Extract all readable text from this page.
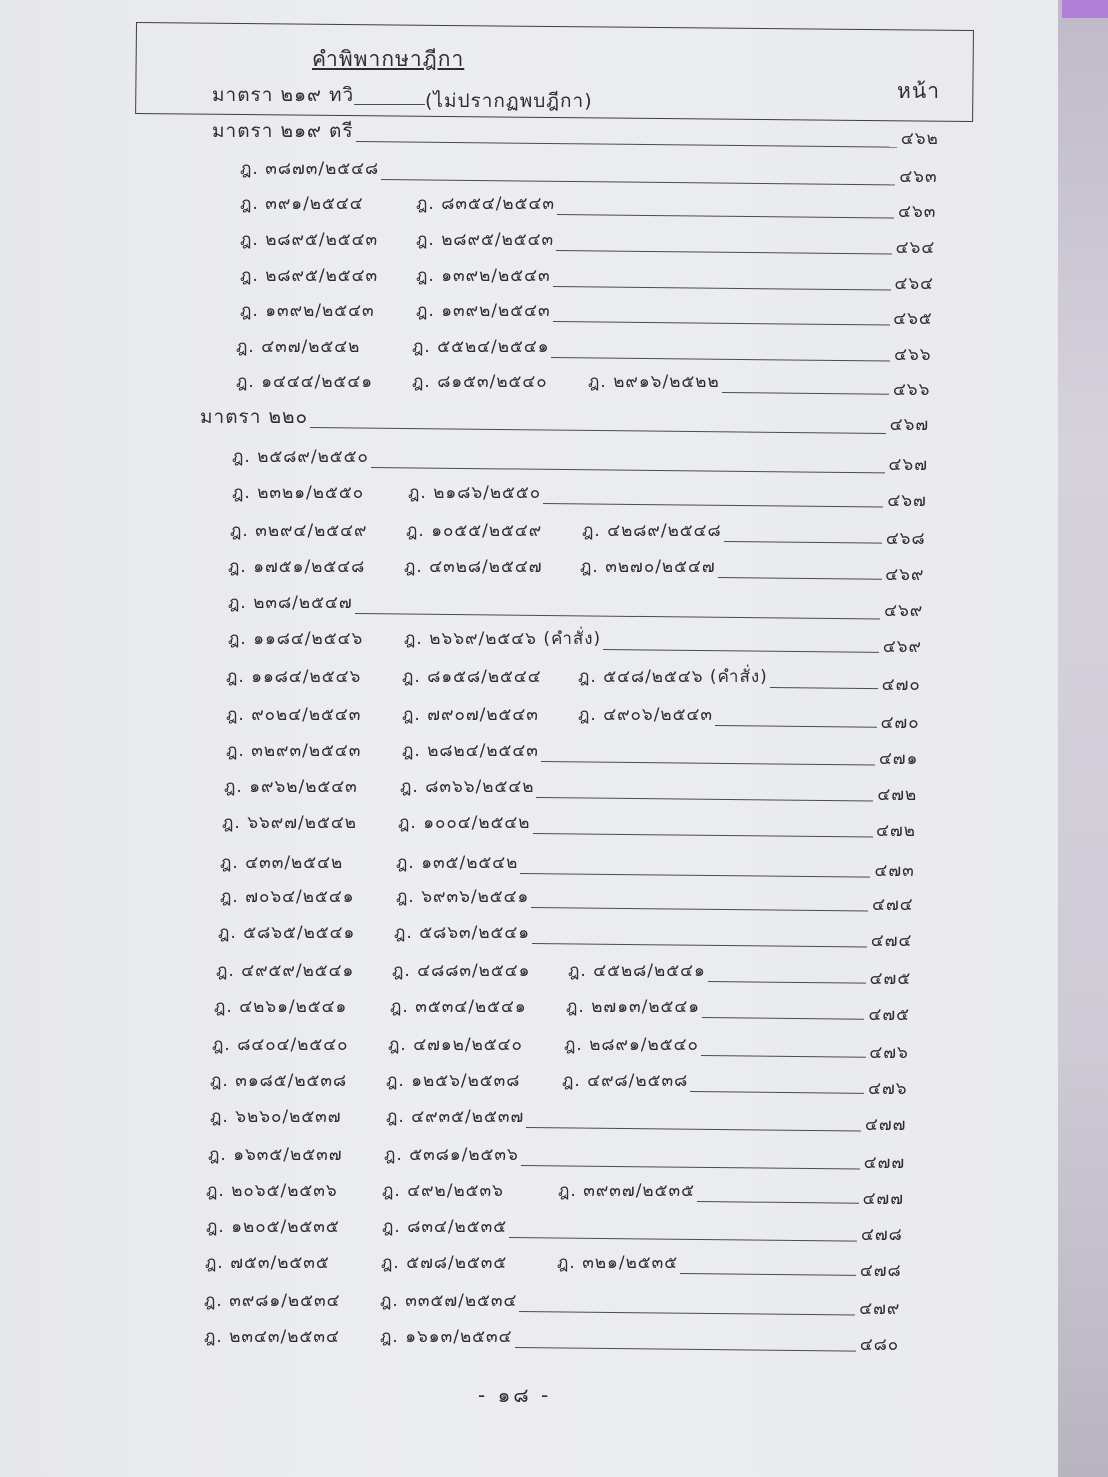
คำพิพากษาฎีกา
หน้า
มาตรา ๒๑๙ ทวิ	(ไม่ปรากฏพบฎีกา)
มาตรา ๒๑๙ ตรี	๔๖๒
ฎ. ๓๘๗๓/๒๕๔๘	๔๖๓
ฎ. ๓๙๑/๒๕๔๔	ฎ. ๘๓๕๔/๒๕๔๓	๔๖๓
ฎ. ๒๘๙๕/๒๕๔๓ ฎ. ๒๘๙๕/๒๕๔๓	๔๖๔
ฎ. ๒๘๙๕/๒๕๔๓ ฎ. ๑๓๙๒/๒๕๔๓	๔๖๔
ฎ. ๑๓๙๒/๒๕๔๓ ฎ. ๑๓๙๒/๒๕๔๓	๔๖๕
ฎ. ๔๓๗/๒๕๔๒	ฎ. ๕๕๒๔/๒๕๔๑	๔๖๖
ฎ. ๑๔๔๔/๒๕๔๑ ฎ. ๘๑๕๓/๒๕๔๐ ฎ. ๒๙๑๖/๒๕๒๒	๔๖๖
มาตรา ๒๒๐	๔๖๗
ฎ. ๒๕๘๙/๒๕๕๐	๔๖๗
ฎ. ๒๓๒๑/๒๕๕๐	ฎ. ๒๑๘๖/๒๕๕๐	๔๖๗
ฎ. ๓๒๙๔/๒๕๔๙ ฎ. ๑๐๕๕/๒๕๔๙ ฎ. ๔๒๘๙/๒๕๔๘	๔๖๘
ฎ. ๑๗๕๑/๒๕๔๘ ฎ. ๔๓๒๘/๒๕๔๗ ฎ. ๓๒๗๐/๒๕๔๗	๔๖๙
ฎ. ๒๓๘/๒๕๔๗	๔๖๙
ฎ. ๑๑๘๔/๒๕๔๖ ฎ. ๒๖๖๙/๒๕๔๖ (คำสั่ง)	๔๖๙
ฎ. ๑๑๘๔/๒๕๔๖ ฎ. ๘๑๕๘/๒๕๔๔ ฎ. ๕๔๘/๒๕๔๖ (คำสั่ง)	๔๗๐
ฎ. ๙๐๒๔/๒๕๔๓ ฎ. ๗๙๐๗/๒๕๔๓ ฎ. ๔๙๐๖/๒๕๔๓	๔๗๐
ฎ. ๓๒๙๓/๒๕๔๓ ฎ. ๒๘๒๔/๒๕๔๓	๔๗๑
ฎ. ๑๙๖๒/๒๕๔๓ ฎ. ๘๓๖๖/๒๕๔๒	๔๗๒
ฎ. ๖๖๙๗/๒๕๔๒ ฎ. ๑๐๐๔/๒๕๔๒	๔๗๒
ฎ. ๔๓๓/๒๕๔๒	ฎ. ๑๓๕/๒๕๔๒	๔๗๓
ฎ. ๗๐๖๔/๒๕๔๑ ฎ. ๖๙๓๖/๒๕๔๑	๔๗๔
ฎ. ๕๘๖๕/๒๕๔๑ ฎ. ๕๘๖๓/๒๕๔๑	๔๗๔
ฎ. ๔๙๕๙/๒๕๔๑ ฎ. ๔๘๘๓/๒๕๔๑ ฎ. ๔๕๒๘/๒๕๔๑	๔๗๕
ฎ. ๔๒๖๑/๒๕๔๑	ฎ. ๓๕๓๔/๒๕๔๑ ฎ. ๒๗๑๓/๒๕๔๑	๔๗๕
ฎ. ๘๔๐๔/๒๕๔๐ ฎ. ๔๗๑๒/๒๕๔๐ ฎ. ๒๘๙๑/๒๕๔๐	๔๗๖
ฎ. ๓๑๘๕/๒๕๓๘ ฎ. ๑๒๕๖/๒๕๓๘ ฎ. ๔๙๘/๒๕๓๘	๔๗๖
ฎ. ๖๒๖๐/๒๕๓๗	ฎ. ๔๙๓๕/๒๕๓๗	๔๗๗
ฎ. ๑๖๓๕/๒๕๓๗ ฎ. ๕๓๘๑/๒๕๓๖	๔๗๗
ฎ. ๒๐๖๕/๒๕๓๖	ฎ. ๔๙๒/๒๕๓๖	ฎ. ๓๙๓๗/๒๕๓๕	๔๗๗
ฎ. ๑๒๐๕/๒๕๓๕ ฎ. ๘๓๔/๒๕๓๕	๔๗๘
ฎ. ๗๕๓/๒๕๓๕	ฎ. ๕๗๘/๒๕๓๕	ฎ. ๓๒๑/๒๕๓๕	๔๗๘
ฎ. ๓๙๘๑/๒๕๓๔ ฎ. ๓๓๕๗/๒๕๓๔	๔๗๙
ฎ. ๒๓๔๓/๒๕๓๔ ฎ. ๑๖๑๓/๒๕๓๔	๔๘๐
- ๑๘ -
